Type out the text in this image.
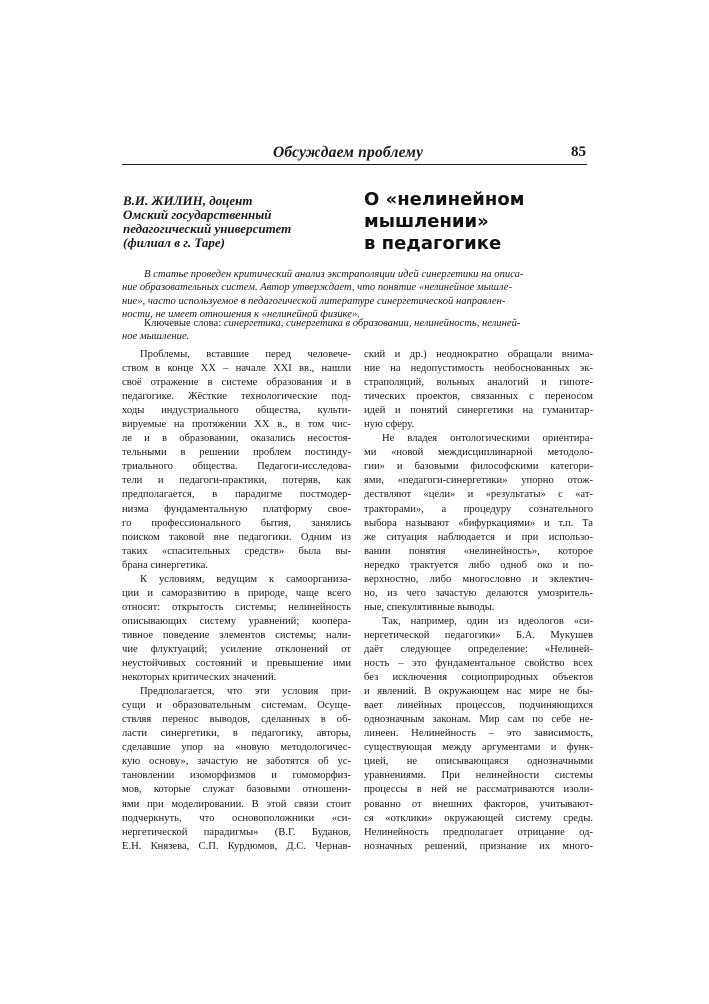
Обсуждаем проблему	85
В.И. ЖИЛИН, доцент
Омский государственный
педагогический университет
(филиал в г. Таре)
О «нелинейном
мышлении»
в педагогике
В статье проведен критический анализ экстраполяции идей синергетики на описа-
ние образовательных систем. Автор утверждает, что понятие «нелинейное мышле-
ние», часто используемое в педагогической литературе синергетической направлен-
ности, не имеет отношения к «нелинейной физике».
Ключевые слова: синергетика, синергетика в образовании, нелинейность, нелиней-
ное мышление.
Проблемы, вставшие перед человече-
ством в конце XX – начале XXI вв., нашли
своё отражение в системе образования и в
педагогике. Жёсткие технологические под-
ходы индустриального общества, культи-
вируемые на протяжении XX в., в том чис-
ле и в образовании, оказались несостоя-
тельными в решении проблем постинду-
триального общества. Педагоги-исследова-
тели и педагоги-практики, потеряв, как
предполагается, в парадигме постмодер-
низма фундаментальную платформу свое-
го профессионального бытия, занялись
поиском таковой вне педагогики. Одним из
таких «спасительных средств» была вы-
брана синергетика.
К условиям, ведущим к самоорганиза-
ции и саморазвитию в природе, чаще всего
относят: открытость системы; нелинейность
описывающих систему уравнений; коопера-
тивное поведение элементов системы; нали-
чие флуктуаций; усиление отклонений от
неустойчивых состояний и превышение ими
некоторых критических значений.
Предполагается, что эти условия при-
сущи и образовательным системам. Осуще-
ствляя перенос выводов, сделанных в об-
ласти синергетики, в педагогику, авторы,
сделавшие упор на «новую методологичес-
кую основу», зачастую не заботятся об ус-
тановлении изоморфизмов и гомоморфиз-
мов, которые служат базовыми отношени-
ями при моделировании. В этой связи стоит
подчеркнуть, что основоположники «си-
нергетической парадигмы» (В.Г. Буданов,
Е.Н. Князева, С.П. Курдюмов, Д.С. Чернав-
ский и др.) неоднократно обращали внима-
ние на недопустимость необоснованных эк-
страполяций, вольных аналогий и гипоте-
тических проектов, связанных с переносом
идей и понятий синергетики на гуманитар-
ную сферу.
Не владея онтологическими ориентира-
ми «новой междисциплинарной методоло-
гии» и базовыми философскими категори-
ями, «педагоги-синергетики» упорно отож-
дествляют «цели» и «результаты» с «ат-
тракторами», а процедуру сознательного
выбора называют «бифуркациями» и т.п. Та
же ситуация наблюдается и при использо-
вании понятия «нелинейность», которое
нередко трактуется либо одноб око и по-
верхностно, либо многословно и эклектич-
но, из чего зачастую делаются умозритель-
ные, спекулятивные выводы.
Так, например, один из идеологов «си-
нергетической педагогики» Б.А. Мукушев
даёт следующее определение: «Нелиней-
ность – это фундаментальное свойство всех
без исключения социоприродных объектов
и явлений. В окружающем нас мире не бы-
вает линейных процессов, подчиняющихся
однозначным законам. Мир сам по себе не-
линеен. Нелинейность – это зависимость,
существующая между аргументами и функ-
цией, не описывающаяся однозначными
уравнениями. При нелинейности системы
процессы в ней не рассматриваются изоли-
рованно от внешних факторов, учитывают-
ся «отклики» окружающей систему среды.
Нелинейность предполагает отрицание од-
нозначных решений, признание их много-
